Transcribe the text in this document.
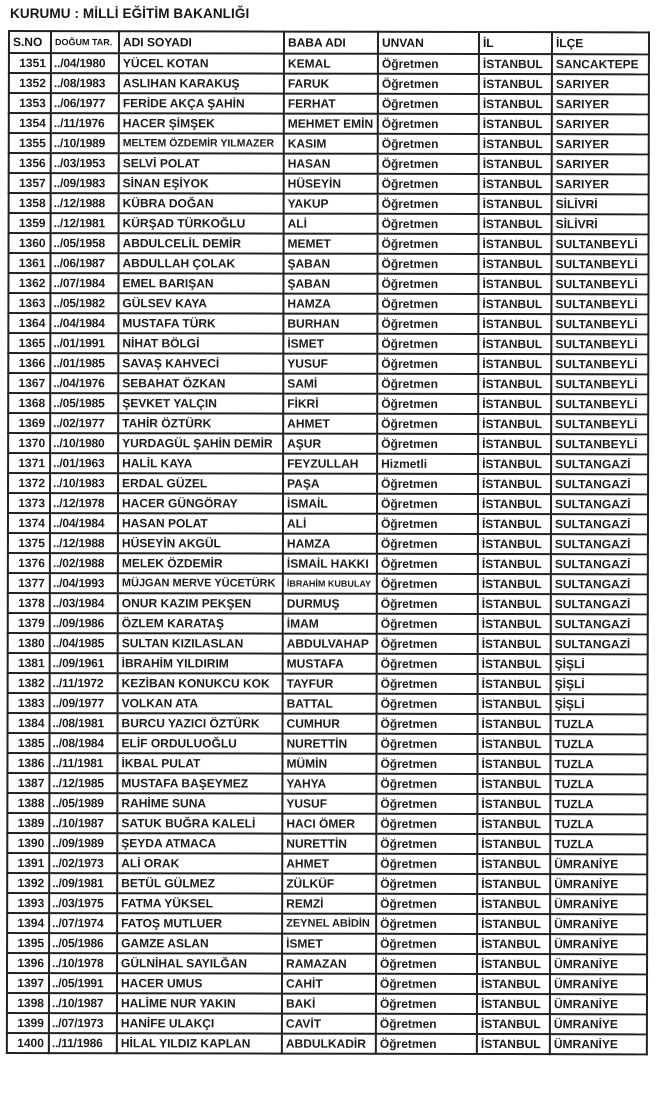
KURUMU : MİLLİ EĞİTİM BAKANLIĞI
S.NO	DOĞUM TAR.	ADI SOYADI	BABA ADI	UNVAN	İL	İLÇE
1351	../04/1980	YÜCEL KOTAN	KEMAL	Öğretmen	İSTANBUL	SANCAKTEPE
1352	../08/1983	ASLIHAN KARAKUŞ	FARUK	Öğretmen	İSTANBUL	SARIYER
1353	../06/1977	FERİDE AKÇA ŞAHİN	FERHAT	Öğretmen	İSTANBUL	SARIYER
1354	../11/1976	HACER ŞİMŞEK	MEHMET EMİN	Öğretmen	İSTANBUL	SARIYER
1355	../10/1989	MELTEM ÖZDEMİR YILMAZER	KASIM	Öğretmen	İSTANBUL	SARIYER
1356	../03/1953	SELVİ POLAT	HASAN	Öğretmen	İSTANBUL	SARIYER
1357	../09/1983	SİNAN EŞİYOK	HÜSEYİN	Öğretmen	İSTANBUL	SARIYER
1358	../12/1988	KÜBRA DOĞAN	YAKUP	Öğretmen	İSTANBUL	SİLİVRİ
1359	../12/1981	KÜRŞAD TÜRKOĞLU	ALİ	Öğretmen	İSTANBUL	SİLİVRİ
1360	../05/1958	ABDULCELİL DEMİR	MEMET	Öğretmen	İSTANBUL	SULTANBEYLİ
1361	../06/1987	ABDULLAH ÇOLAK	ŞABAN	Öğretmen	İSTANBUL	SULTANBEYLİ
1362	../07/1984	EMEL BARIŞAN	ŞABAN	Öğretmen	İSTANBUL	SULTANBEYLİ
1363	../05/1982	GÜLSEV KAYA	HAMZA	Öğretmen	İSTANBUL	SULTANBEYLİ
1364	../04/1984	MUSTAFA TÜRK	BURHAN	Öğretmen	İSTANBUL	SULTANBEYLİ
1365	../01/1991	NİHAT BÖLGİ	İSMET	Öğretmen	İSTANBUL	SULTANBEYLİ
1366	../01/1985	SAVAŞ KAHVECİ	YUSUF	Öğretmen	İSTANBUL	SULTANBEYLİ
1367	../04/1976	SEBAHAT ÖZKAN	SAMİ	Öğretmen	İSTANBUL	SULTANBEYLİ
1368	../05/1985	ŞEVKET YALÇIN	FİKRİ	Öğretmen	İSTANBUL	SULTANBEYLİ
1369	../02/1977	TAHİR ÖZTÜRK	AHMET	Öğretmen	İSTANBUL	SULTANBEYLİ
1370	../10/1980	YURDAGÜL ŞAHİN DEMİR	AŞUR	Öğretmen	İSTANBUL	SULTANBEYLİ
1371	../01/1963	HALİL KAYA	FEYZULLAH	Hizmetli	İSTANBUL	SULTANGAZİ
1372	../10/1983	ERDAL GÜZEL	PAŞA	Öğretmen	İSTANBUL	SULTANGAZİ
1373	../12/1978	HACER GÜNGÖRAY	İSMAİL	Öğretmen	İSTANBUL	SULTANGAZİ
1374	../04/1984	HASAN POLAT	ALİ	Öğretmen	İSTANBUL	SULTANGAZİ
1375	../12/1988	HÜSEYİN AKGÜL	HAMZA	Öğretmen	İSTANBUL	SULTANGAZİ
1376	../02/1988	MELEK ÖZDEMİR	İSMAİL HAKKI	Öğretmen	İSTANBUL	SULTANGAZİ
1377	../04/1993	MÜJGAN MERVE YÜCETÜRK	İBRAHİM KUBULAY	Öğretmen	İSTANBUL	SULTANGAZİ
1378	../03/1984	ONUR KAZIM PEKŞEN	DURMUŞ	Öğretmen	İSTANBUL	SULTANGAZİ
1379	../09/1986	ÖZLEM KARATAŞ	İMAM	Öğretmen	İSTANBUL	SULTANGAZİ
1380	../04/1985	SULTAN KIZILASLAN	ABDULVAHAP	Öğretmen	İSTANBUL	SULTANGAZİ
1381	../09/1961	İBRAHİM YILDIRIM	MUSTAFA	Öğretmen	İSTANBUL	ŞİŞLİ
1382	../11/1972	KEZİBAN KONUKCU KOK	TAYFUR	Öğretmen	İSTANBUL	ŞİŞLİ
1383	../09/1977	VOLKAN ATA	BATTAL	Öğretmen	İSTANBUL	ŞİŞLİ
1384	../08/1981	BURCU YAZICI ÖZTÜRK	CUMHUR	Öğretmen	İSTANBUL	TUZLA
1385	../08/1984	ELİF ORDULUOĞLU	NURETTİN	Öğretmen	İSTANBUL	TUZLA
1386	../11/1981	İKBAL PULAT	MÜMİN	Öğretmen	İSTANBUL	TUZLA
1387	../12/1985	MUSTAFA BAŞEYMEZ	YAHYA	Öğretmen	İSTANBUL	TUZLA
1388	../05/1989	RAHİME SUNA	YUSUF	Öğretmen	İSTANBUL	TUZLA
1389	../10/1987	SATUK BUĞRA KALELİ	HACI ÖMER	Öğretmen	İSTANBUL	TUZLA
1390	../09/1989	ŞEYDA ATMACA	NURETTİN	Öğretmen	İSTANBUL	TUZLA
1391	../02/1973	ALİ ORAK	AHMET	Öğretmen	İSTANBUL	ÜMRANİYE
1392	../09/1981	BETÜL GÜLMEZ	ZÜLKÜF	Öğretmen	İSTANBUL	ÜMRANİYE
1393	../03/1975	FATMA YÜKSEL	REMZİ	Öğretmen	İSTANBUL	ÜMRANİYE
1394	../07/1974	FATOŞ MUTLUER	ZEYNEL ABİDİN	Öğretmen	İSTANBUL	ÜMRANİYE
1395	../05/1986	GAMZE ASLAN	İSMET	Öğretmen	İSTANBUL	ÜMRANİYE
1396	../10/1978	GÜLNİHAL SAYILĞAN	RAMAZAN	Öğretmen	İSTANBUL	ÜMRANİYE
1397	../05/1991	HACER UMUS	CAHİT	Öğretmen	İSTANBUL	ÜMRANİYE
1398	../10/1987	HALİME NUR YAKIN	BAKİ	Öğretmen	İSTANBUL	ÜMRANİYE
1399	../07/1973	HANİFE ULAKÇI	CAVİT	Öğretmen	İSTANBUL	ÜMRANİYE
1400	../11/1986	HİLAL YILDIZ KAPLAN	ABDULKADİR	Öğretmen	İSTANBUL	ÜMRANİYE
